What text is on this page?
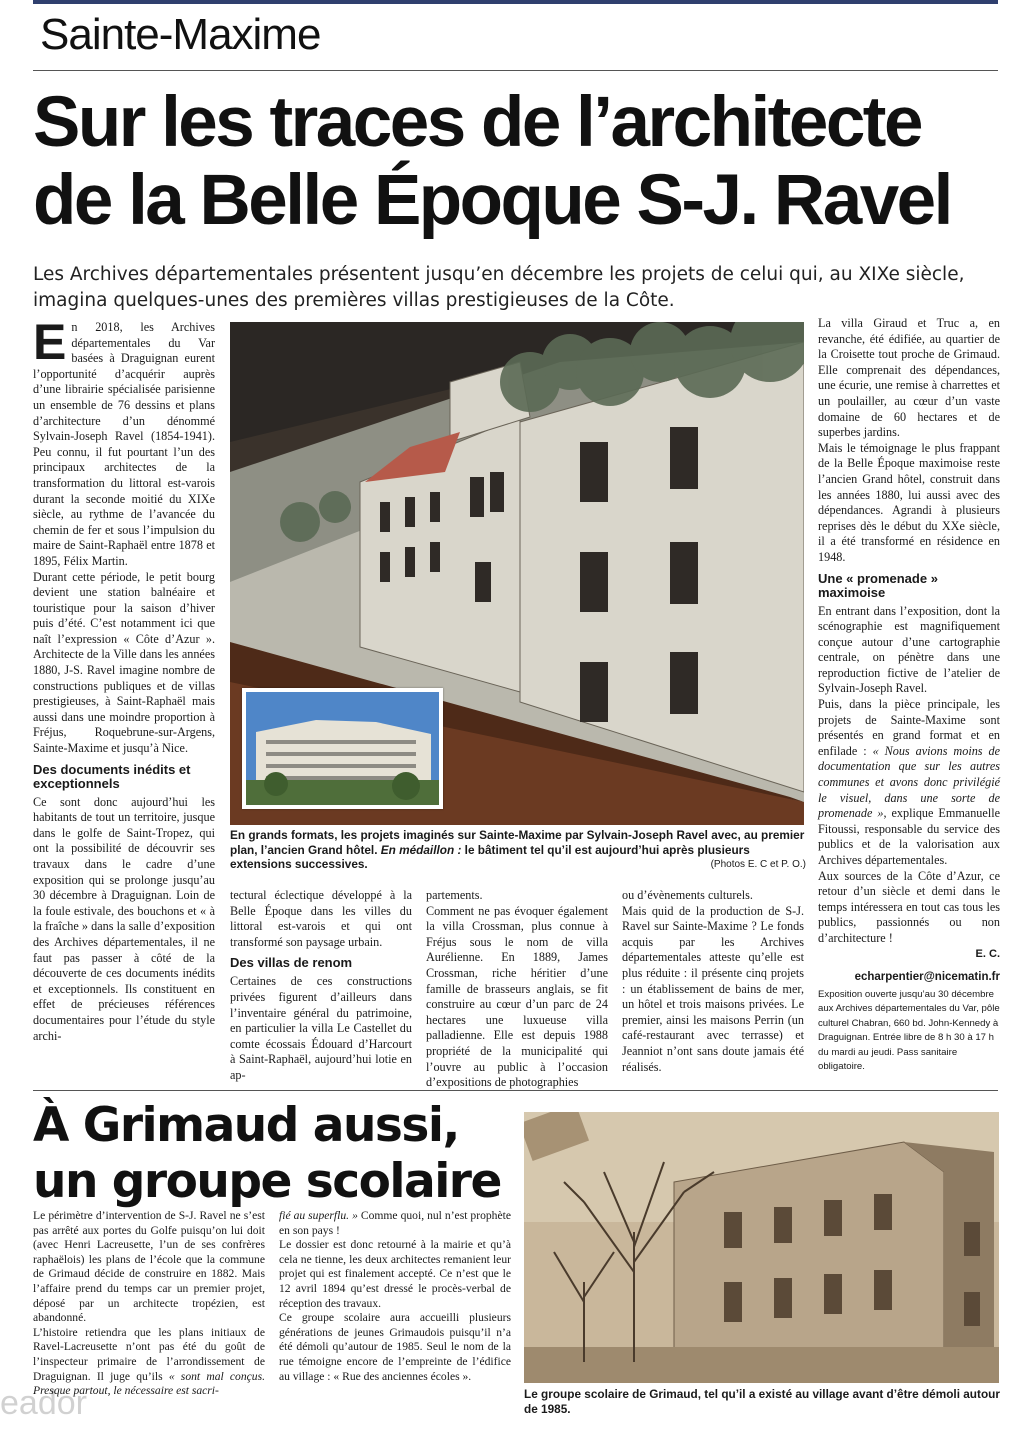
Sainte-Maxime
Sur les traces de l’architecte de la Belle Époque S-J. Ravel
Les Archives départementales présentent jusqu’en décembre les projets de celui qui, au XIXe siècle, imagina quelques-unes des premières villas prestigieuses de la Côte.

En 2018, les Archives départementales du Var basées à Draguignan eurent l’opportunité d’acquérir auprès d’une librairie spécialisée parisienne un ensemble de 76 dessins et plans d’architecture d’un dénommé Sylvain-Joseph Ravel (1854-1941). Peu connu, il fut pourtant l’un des principaux architectes de la transformation du littoral est-varois durant la seconde moitié du XIXe siècle, au rythme de l’avancée du chemin de fer et sous l’impulsion du maire de Saint-Raphaël entre 1878 et 1895, Félix Martin.

Durant cette période, le petit bourg devient une station balnéaire et touristique pour la saison d’hiver puis d’été. C’est notamment ici que naît l’expression « Côte d’Azur ». Architecte de la Ville dans les années 1880, J-S. Ravel imagine nombre de constructions publiques et de villas prestigieuses, à Saint-Raphaël mais aussi dans une moindre proportion à Fréjus, Roquebrune-sur-Argens, Sainte-Maxime et jusqu’à Nice.

Des documents inédits et exceptionnels

Ce sont donc aujourd’hui les habitants de tout un territoire, jusque dans le golfe de Saint-Tropez, qui ont la possibilité de découvrir ses travaux dans le cadre d’une exposition qui se prolonge jusqu’au 30 décembre à Draguignan. Loin de la foule estivale, des bouchons et « à la fraîche » dans la salle d’exposition des Archives départementales, il ne faut pas passer à côté de la découverte de ces documents inédits et exceptionnels. Ils constituent en effet de précieuses références documentaires pour l’étude du style archi-

En grands formats, les projets imaginés sur Sainte-Maxime par Sylvain-Joseph Ravel avec, au premier plan, l’ancien Grand hôtel. En médaillon : le bâtiment tel qu’il est aujourd’hui après plusieurs extensions successives.	(Photos E. C et P. O.)

tectural éclectique développé à la Belle Époque dans les villes du littoral est-varois et qui ont transformé son paysage urbain.

Des villas de renom

Certaines de ces constructions privées figurent d’ailleurs dans l’inventaire général du patrimoine, en particulier la villa Le Castellet du comte écossais Édouard d’Harcourt à Saint-Raphaël, aujourd’hui lotie en ap-

partements.

Comment ne pas évoquer également la villa Crossman, plus connue à Fréjus sous le nom de villa Aurélienne. En 1889, James Crossman, riche héritier d’une famille de brasseurs anglais, se fit construire au cœur d’un parc de 24 hectares une luxueuse villa palladienne. Elle est depuis 1988 propriété de la municipalité qui l’ouvre au public à l’occasion d’expositions de photographies

ou d’évènements culturels.

Mais quid de la production de S-J. Ravel sur Sainte-Maxime ? Le fonds acquis par les Archives départementales atteste qu’elle est plus réduite : il présente cinq projets : un établissement de bains de mer, un hôtel et trois maisons privées. Le premier, ainsi les maisons Perrin (un café-restaurant avec terrasse) et Jeanniot n’ont sans doute jamais été réalisés.

La villa Giraud et Truc a, en revanche, été édifiée, au quartier de la Croisette tout proche de Grimaud. Elle comprenait des dépendances, une écurie, une remise à charrettes et un poulailler, au cœur d’un vaste domaine de 60 hectares et de superbes jardins.

Mais le témoignage le plus frappant de la Belle Époque maximoise reste l’ancien Grand hôtel, construit dans les années 1880, lui aussi avec des dépendances. Agrandi à plusieurs reprises dès le début du XXe siècle, il a été transformé en résidence en 1948.

Une « promenade » maximoise

En entrant dans l’exposition, dont la scénographie est magnifiquement conçue autour d’une cartographie centrale, on pénètre dans une reproduction fictive de l’atelier de Sylvain-Joseph Ravel.

Puis, dans la pièce principale, les projets de Sainte-Maxime sont présentés en grand format et en enfilade : « Nous avions moins de documentation que sur les autres communes et avons donc privilégié le visuel, dans une sorte de promenade », explique Emmanuelle Fitoussi, responsable du service des publics et de la valorisation aux Archives départementales.

Aux sources de la Côte d’Azur, ce retour d’un siècle et demi dans le temps intéressera en tout cas tous les publics, passionnés ou non d’architecture !

E. C.
echarpentier@nicematin.fr
Exposition ouverte jusqu’au 30 décembre aux Archives départementales du Var, pôle culturel Chabran, 660 bd. John-Kennedy à Draguignan. Entrée libre de 8 h 30 à 17 h du mardi au jeudi. Pass sanitaire obligatoire.
À Grimaud aussi, un groupe scolaire

Le périmètre d’intervention de S-J. Ravel ne s’est pas arrêté aux portes du Golfe puisqu’on lui doit (avec Henri Lacreusette, l’un de ses confrères raphaëlois) les plans de l’école que la commune de Grimaud décide de construire en 1882. Mais l’affaire prend du temps car un premier projet, déposé par un architecte tropézien, est abandonné.

L’histoire retiendra que les plans initiaux de Ravel-Lacreusette n’ont pas été du goût de l’inspecteur primaire de l’arrondissement de Draguignan. Il juge qu’ils « sont mal conçus. Presque partout, le nécessaire est sacri-

fié au superflu. » Comme quoi, nul n’est prophète en son pays !

Le dossier est donc retourné à la mairie et qu’à cela ne tienne, les deux architectes remanient leur projet qui est finalement accepté. Ce n’est que le 12 avril 1894 qu’est dressé le procès-verbal de réception des travaux.

Ce groupe scolaire aura accueilli plusieurs générations de jeunes Grimaudois puisqu’il n’a été démoli qu’autour de 1985. Seul le nom de la rue témoigne encore de l’empreinte de l’édifice au village : « Rue des anciennes écoles ».

Le groupe scolaire de Grimaud, tel qu’il a existé au village avant d’être démoli autour de 1985.
eador
